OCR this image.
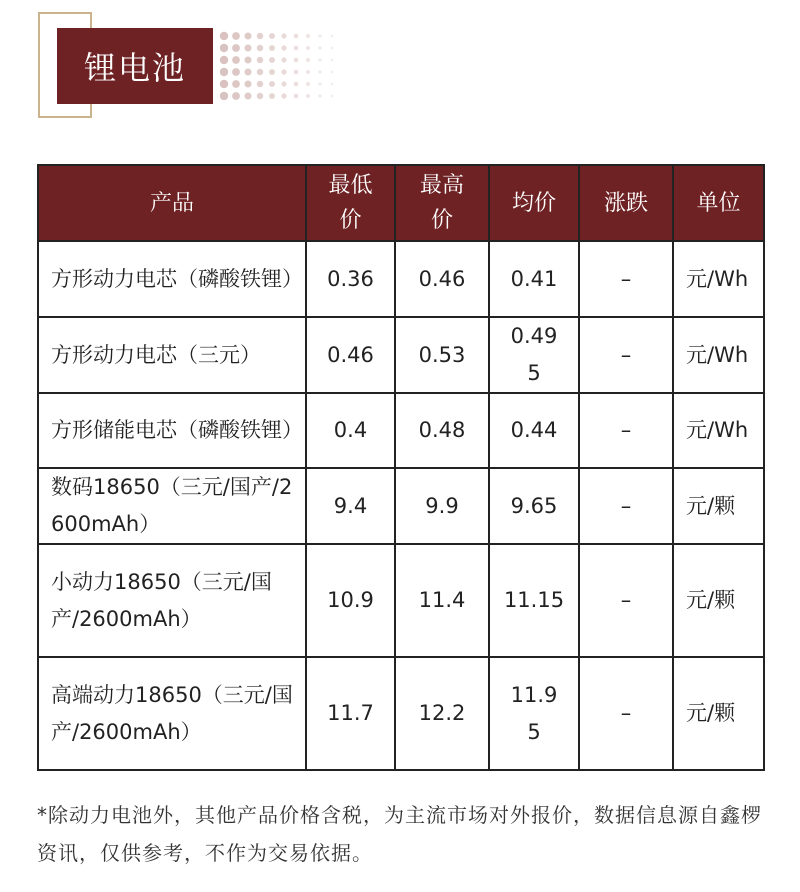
锂电池
产品	最低价	最高价	均价	涨跌	单位
方形动力电芯（磷酸铁锂）	0.36	0.46	0.41	–	元/Wh
方形动力电芯（三元）	0.46	0.53	0.495	–	元/Wh
方形储能电芯（磷酸铁锂）	0.4	0.48	0.44	–	元/Wh
数码18650（三元/国产/2600mAh）	9.4	9.9	9.65	–	元/颗
小动力18650（三元/国产/2600mAh）	10.9	11.4	11.15	–	元/颗
高端动力18650（三元/国产/2600mAh）	11.7	12.2	11.95	–	元/颗
*除动力电池外，其他产品价格含税，为主流市场对外报价，数据信息源自鑫椤资讯，仅供参考，不作为交易依据。
